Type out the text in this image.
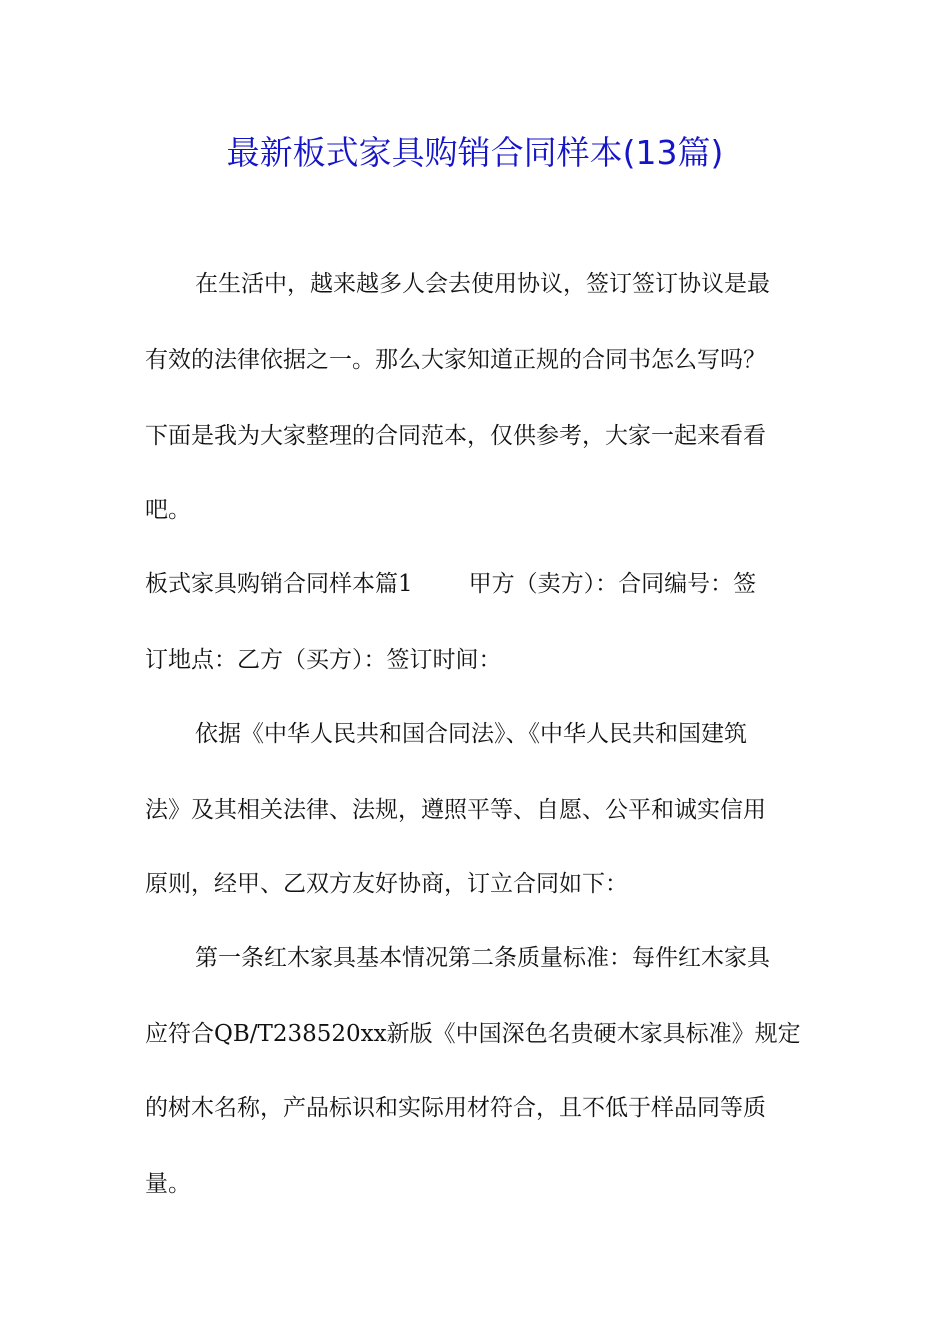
最新板式家具购销合同样本(13篇)
在生活中，越来越多人会去使用协议，签订签订协议是最
有效的法律依据之一。那么大家知道正规的合同书怎么写吗？
下面是我为大家整理的合同范本，仅供参考，大家一起来看看
吧。
板式家具购销合同样本篇1 甲方（卖方）：合同编号：签
订地点：乙方（买方）：签订时间：
依据《中华人民共和国合同法》、《中华人民共和国建筑
法》及其相关法律、法规，遵照平等、自愿、公平和诚实信用
原则，经甲、乙双方友好协商，订立合同如下：
第一条红木家具基本情况第二条质量标准：每件红木家具
应符合QB/T238520xx新版《中国深色名贵硬木家具标准》规定
的树木名称，产品标识和实际用材符合，且不低于样品同等质
量。
